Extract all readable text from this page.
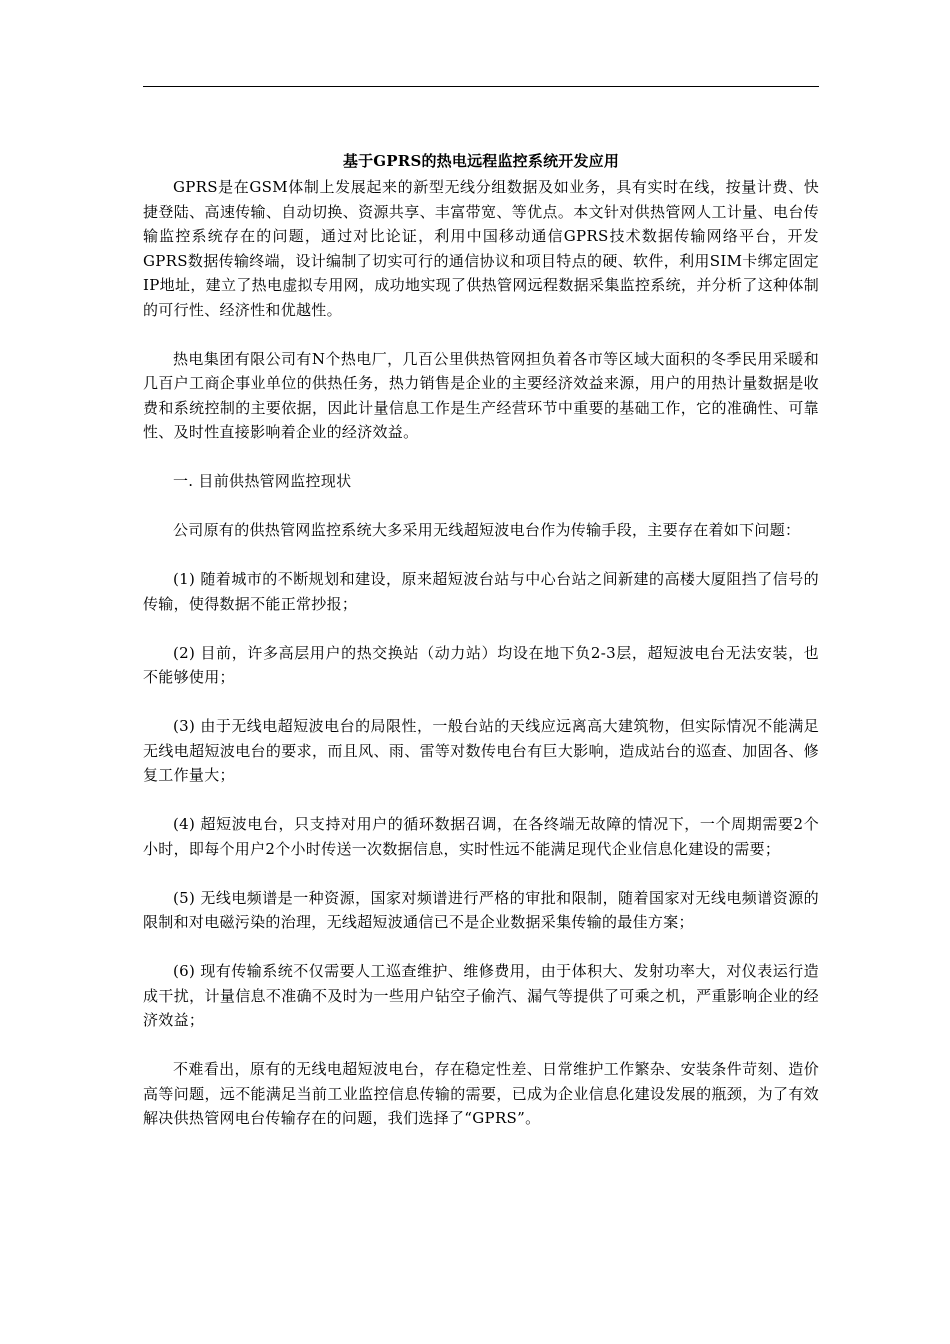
基于GPRS的热电远程监控系统开发应用

GPRS是在GSM体制上发展起来的新型无线分组数据及如业务，具有实时在线，按量计费、快捷登陆、高速传输、自动切换、资源共享、丰富带宽、等优点。本文针对供热管网人工计量、电台传输监控系统存在的问题，通过对比论证，利用中国移动通信GPRS技术数据传输网络平台，开发GPRS数据传输终端，设计编制了切实可行的通信协议和项目特点的硬、软件，利用SIM卡绑定固定IP地址，建立了热电虚拟专用网，成功地实现了供热管网远程数据采集监控系统，并分析了这种体制的可行性、经济性和优越性。

热电集团有限公司有N个热电厂，几百公里供热管网担负着各市等区域大面积的冬季民用采暖和几百户工商企事业单位的供热任务，热力销售是企业的主要经济效益来源，用户的用热计量数据是收费和系统控制的主要依据，因此计量信息工作是生产经营环节中重要的基础工作，它的准确性、可靠性、及时性直接影响着企业的经济效益。

一. 目前供热管网监控现状

公司原有的供热管网监控系统大多采用无线超短波电台作为传输手段，主要存在着如下问题：

(1) 随着城市的不断规划和建设，原来超短波台站与中心台站之间新建的高楼大厦阻挡了信号的传输，使得数据不能正常抄报；

(2) 目前，许多高层用户的热交换站（动力站）均设在地下负2-3层，超短波电台无法安装，也不能够使用；

(3) 由于无线电超短波电台的局限性，一般台站的天线应远离高大建筑物，但实际情况不能满足无线电超短波电台的要求，而且风、雨、雷等对数传电台有巨大影响，造成站台的巡查、加固各、修复工作量大；

(4) 超短波电台，只支持对用户的循环数据召调，在各终端无故障的情况下，一个周期需要2个小时，即每个用户2个小时传送一次数据信息，实时性远不能满足现代企业信息化建设的需要；

(5) 无线电频谱是一种资源，国家对频谱进行严格的审批和限制，随着国家对无线电频谱资源的限制和对电磁污染的治理，无线超短波通信已不是企业数据采集传输的最佳方案；

(6) 现有传输系统不仅需要人工巡查维护、维修费用，由于体积大、发射功率大，对仪表运行造成干扰，计量信息不准确不及时为一些用户钻空子偷汽、漏气等提供了可乘之机，严重影响企业的经济效益；

不难看出，原有的无线电超短波电台，存在稳定性差、日常维护工作繁杂、安装条件苛刻、造价高等问题，远不能满足当前工业监控信息传输的需要，已成为企业信息化建设发展的瓶颈，为了有效解决供热管网电台传输存在的问题，我们选择了“GPRS”。
